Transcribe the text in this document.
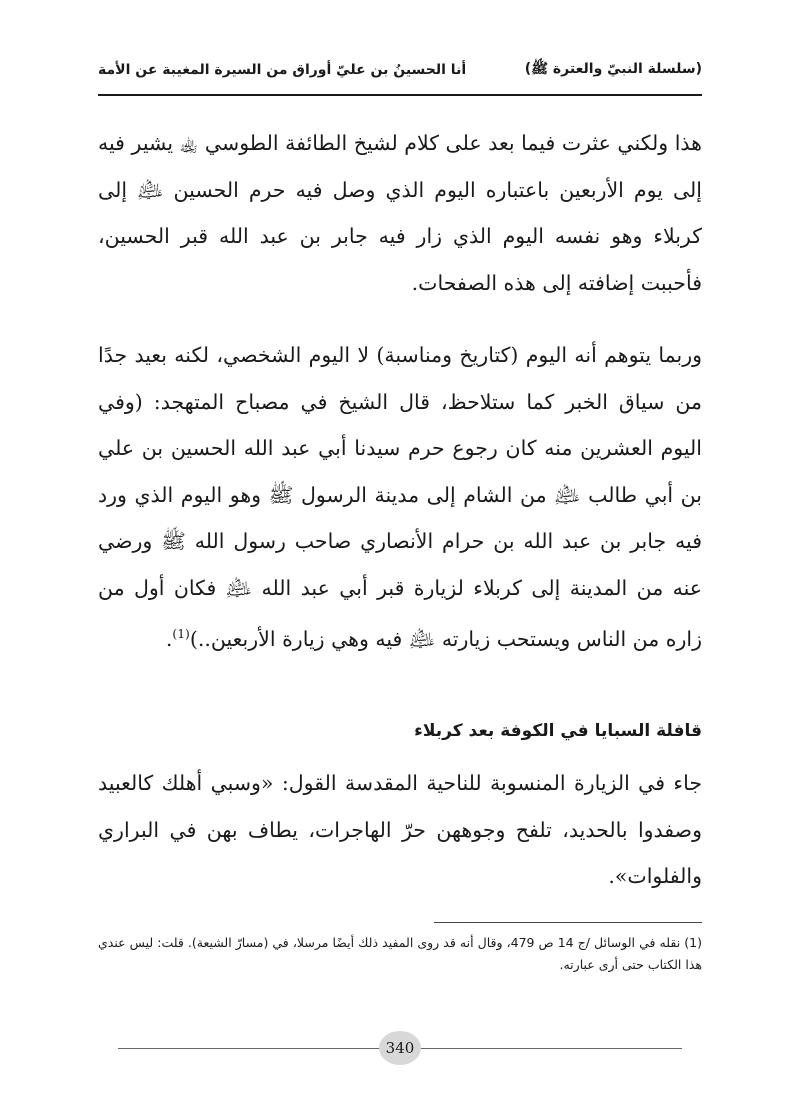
(سلسلة النبيّ والعترة ﷺ)
أنا الحسينُ بن عليّ أوراق من السيرة المغيبة عن الأمة
هذا ولكني عثرت فيما بعد على كلام لشيخ الطائفة الطوسي ﵀ يشير فيه إلى يوم الأربعين باعتباره اليوم الذي وصل فيه حرم الحسين ﵇ إلى كربلاء وهو نفسه اليوم الذي زار فيه جابر بن عبد الله قبر الحسين، فأحببت إضافته إلى هذه الصفحات.
وربما يتوهم أنه اليوم (كتاريخ ومناسبة) لا اليوم الشخصي، لكنه بعيد جدًا من سياق الخبر كما ستلاحظ، قال الشيخ في مصباح المتهجد: (وفي اليوم العشرين منه كان رجوع حرم سيدنا أبي عبد الله الحسين بن علي بن أبي طالب ﵇ من الشام إلى مدينة الرسول ﷺ وهو اليوم الذي ورد فيه جابر بن عبد الله بن حرام الأنصاري صاحب رسول الله ﷺ ورضي عنه من المدينة إلى كربلاء لزيارة قبر أبي عبد الله ﵇ فكان أول من زاره من الناس ويستحب زيارته ﵇ فيه وهي زيارة الأربعين..)$^{(1)}$.
قافلة السبايا في الكوفة بعد كربلاء
جاء في الزيارة المنسوبة للناحية المقدسة القول: «وسبي أهلك كالعبيد وصفدوا بالحديد، تلفح وجوههن حرّ الهاجرات، يطاف بهن في البراري والفلوات».
(1) نقله في الوسائل /ج 14 ص 479، وقال أنه قد روى المفيد ذلك أيضًا مرسلا، في (مسارّ الشيعة). قلت: ليس عندي هذا الكتاب حتى أرى عبارته.
340
